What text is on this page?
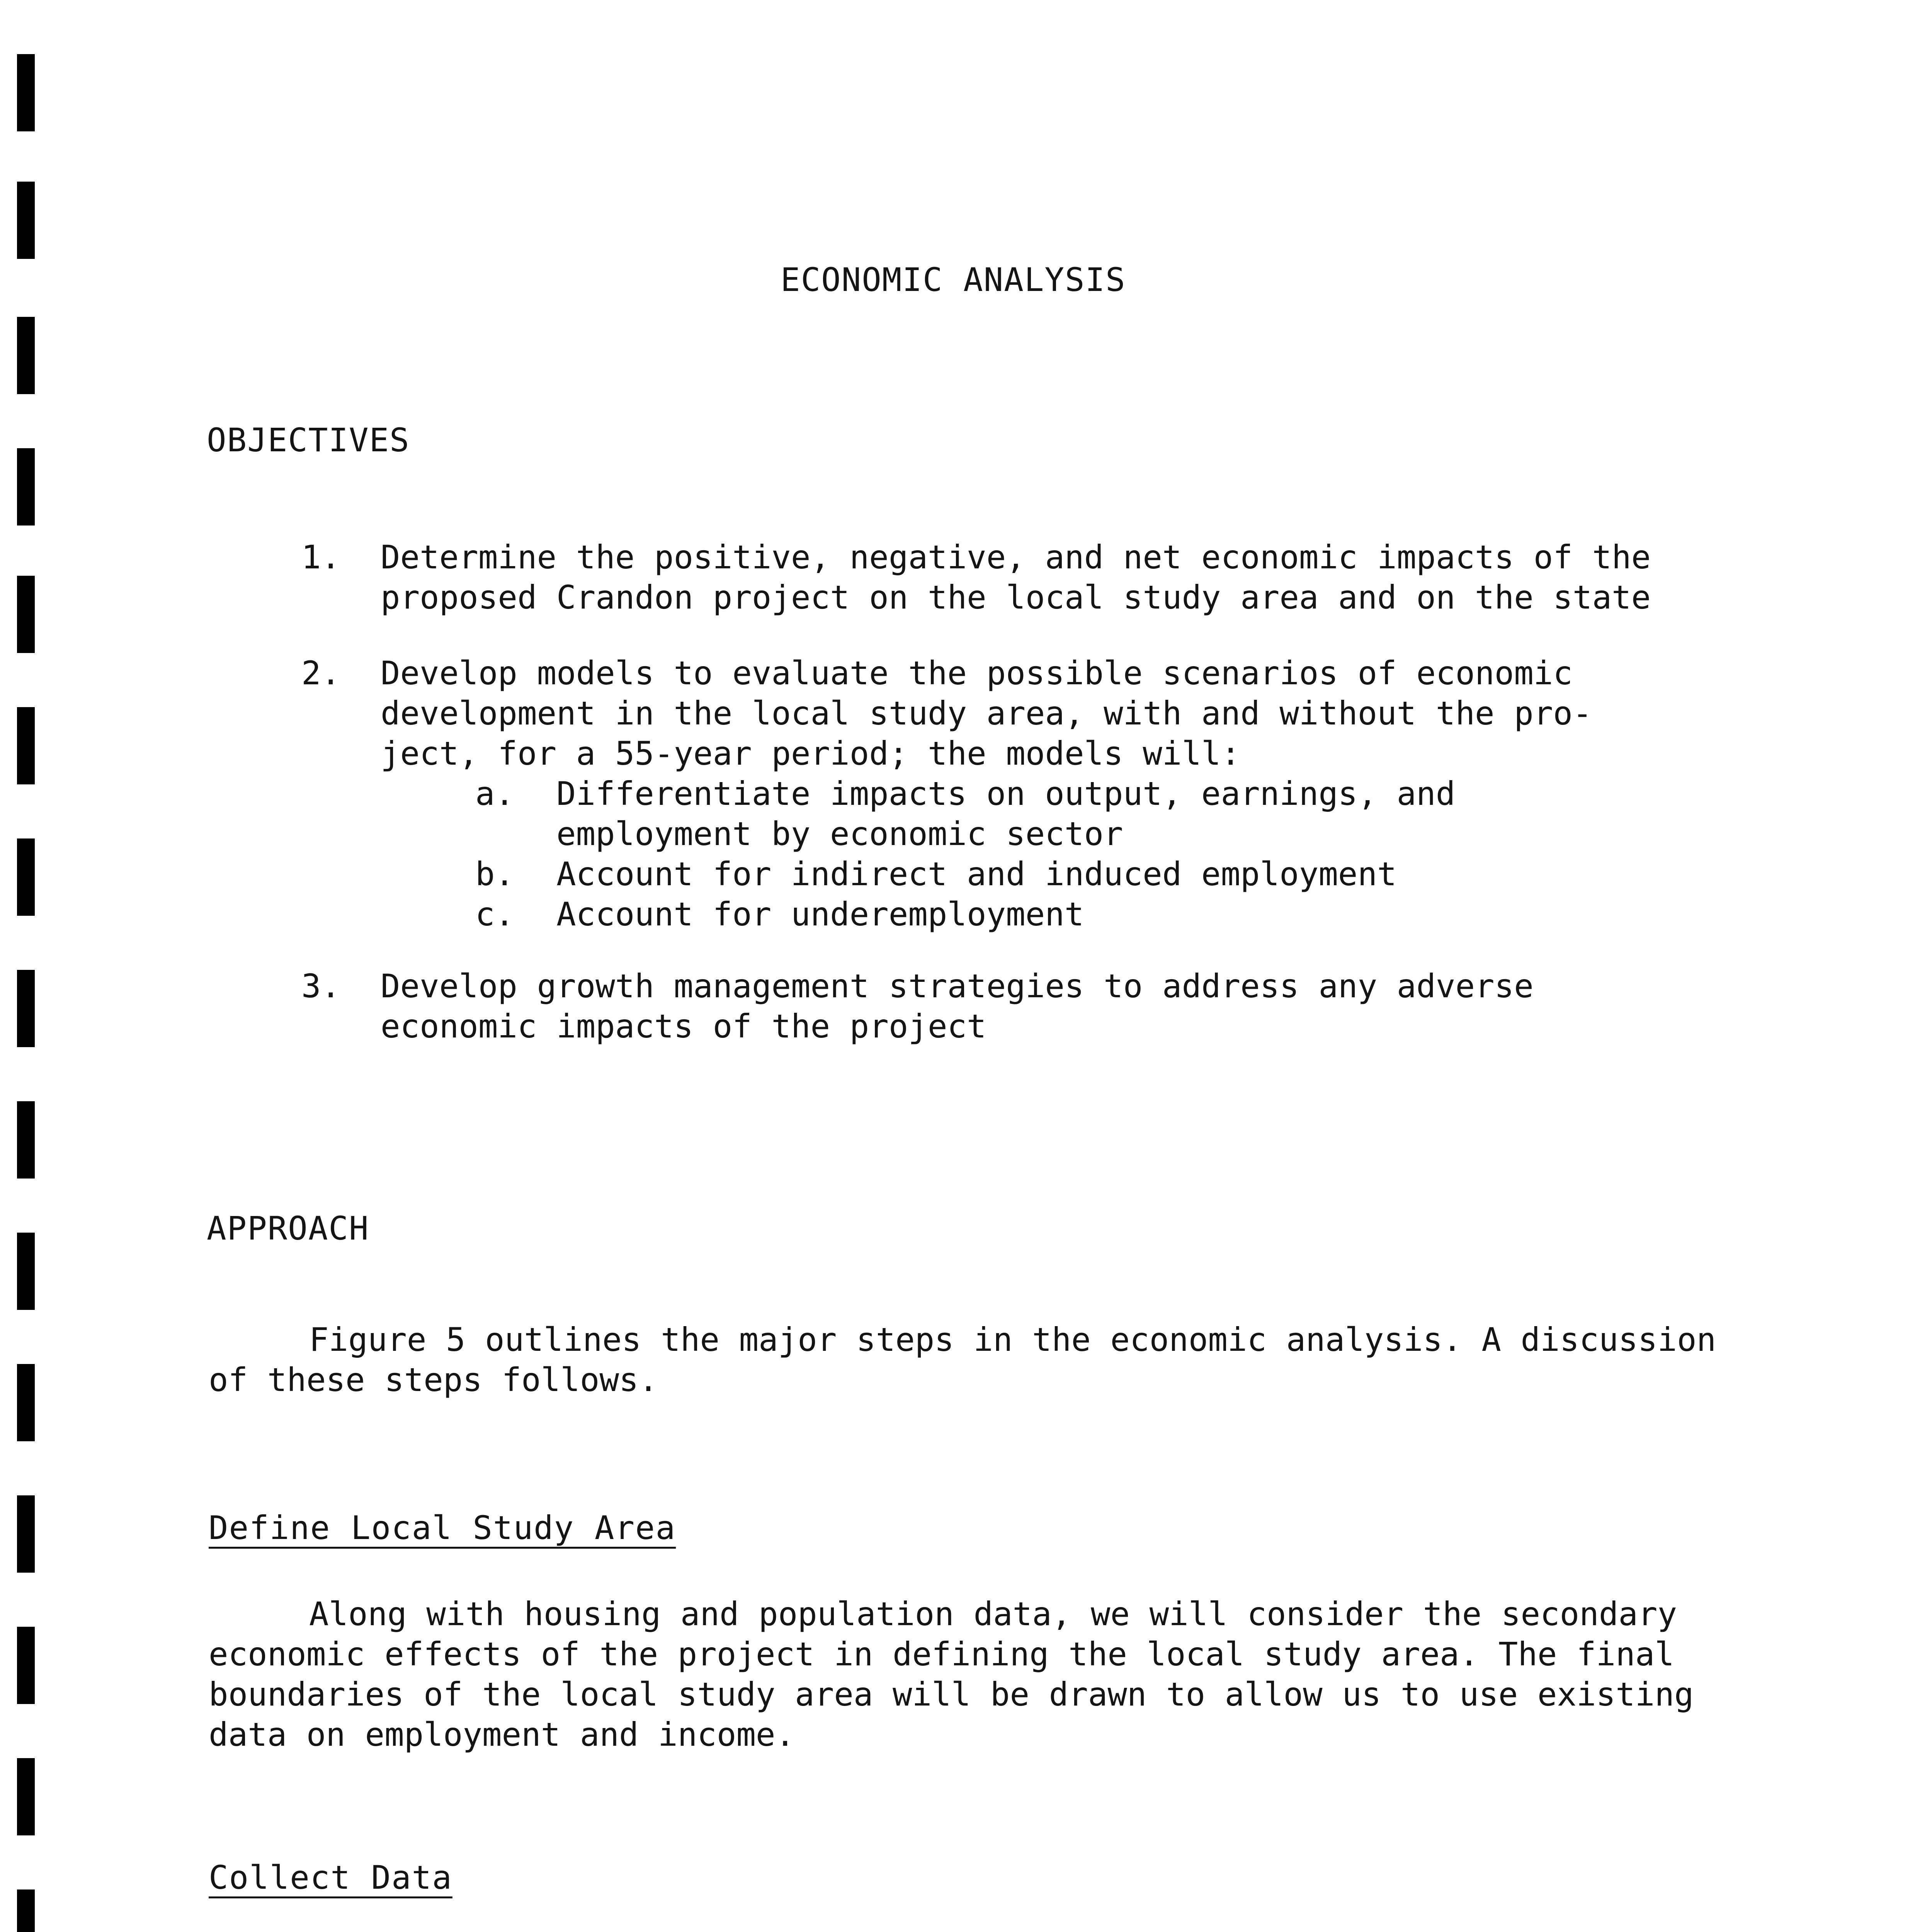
ECONOMIC ANALYSIS
OBJECTIVES
1. Determine the positive, negative, and net economic impacts of the
proposed Crandon project on the local study area and on the state
2. Develop models to evaluate the possible scenarios of economic
development in the local study area, with and without the pro-
ject, for a 55-year period; the models will:
a. Differentiate impacts on output, earnings, and
employment by economic sector
b. Account for indirect and induced employment
c. Account for underemployment
3. Develop growth management strategies to address any adverse
economic impacts of the project
APPROACH
Figure 5 outlines the major steps in the economic analysis. A discussion
of these steps follows.
Define Local Study Area
Along with housing and population data, we will consider the secondary
economic effects of the project in defining the local study area. The final
boundaries of the local study area will be drawn to allow us to use existing
data on employment and income.
Collect Data
